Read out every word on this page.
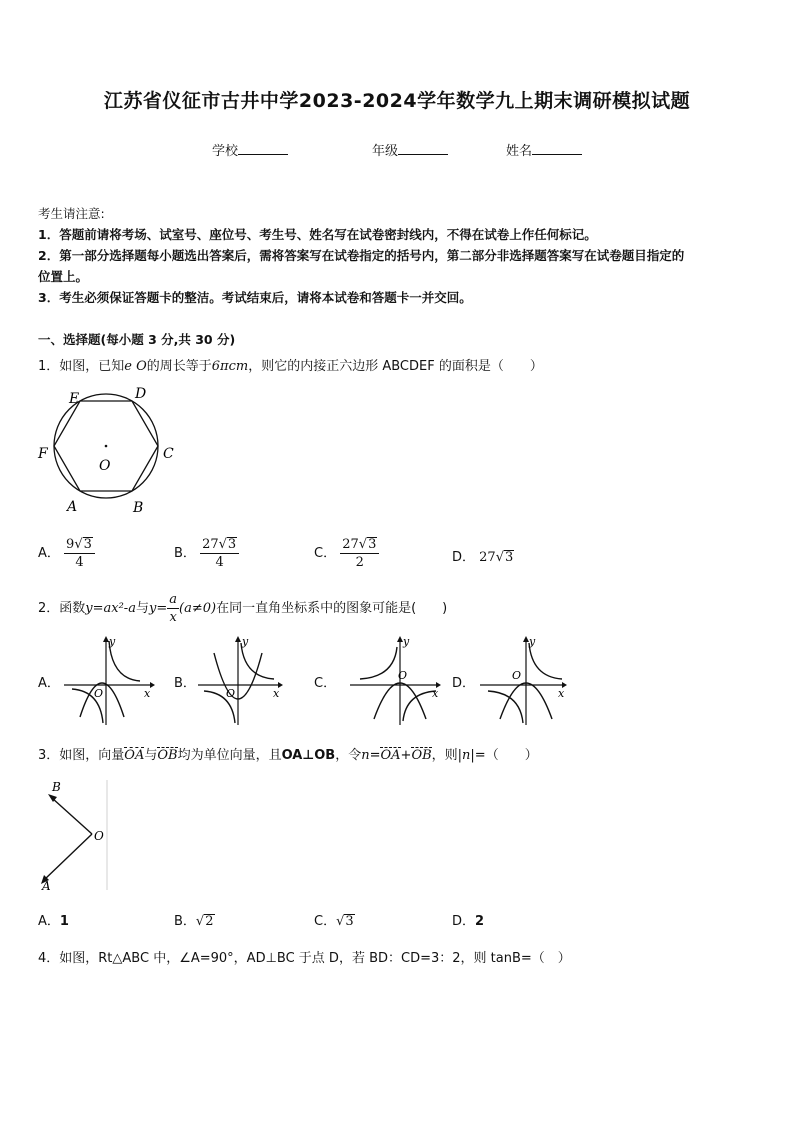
江苏省仪征市古井中学2023-2024学年数学九上期末调研模拟试题
学校	年级	姓名
考生请注意:
1．答题前请将考场、试室号、座位号、考生号、姓名写在试卷密封线内，不得在试卷上作任何标记。
2．第一部分选择题每小题选出答案后，需将答案写在试卷指定的括号内，第二部分非选择题答案写在试卷题目指定的
位置上。
3．考生必须保证答题卡的整洁。考试结束后，请将本试卷和答题卡一并交回。
一、选择题(每小题 3 分,共 30 分)
1．如图，已知e O的周长等于6πcm，则它的内接正六边形 ABCDEF 的面积是（　　）
E	D
F	C
O
A	B
A． $\frac{9√3}{4}$	B． $\frac{27√3}{4}$	C． $\frac{27√3}{2}$	D． 27√3
2．函数y=ax²-a与$y= \frac{a}{x} (a\ne 0)$在同一直角坐标系中的图象可能是(　　)
A．
y
x
O
B．
y
x
O
C．
y
x
O
D．
y
x
O
3．如图，向量OA与OB均为单位向量，且OA⊥OB，令n=OA+OB，则|n|=（　　）
B
O
A
A．1	B．√2	C．√3	D．2
4．如图，Rt△ABC 中，∠A=90°，AD⊥BC 于点 D，若 BD：CD=3：2，则 tanB=（　）
